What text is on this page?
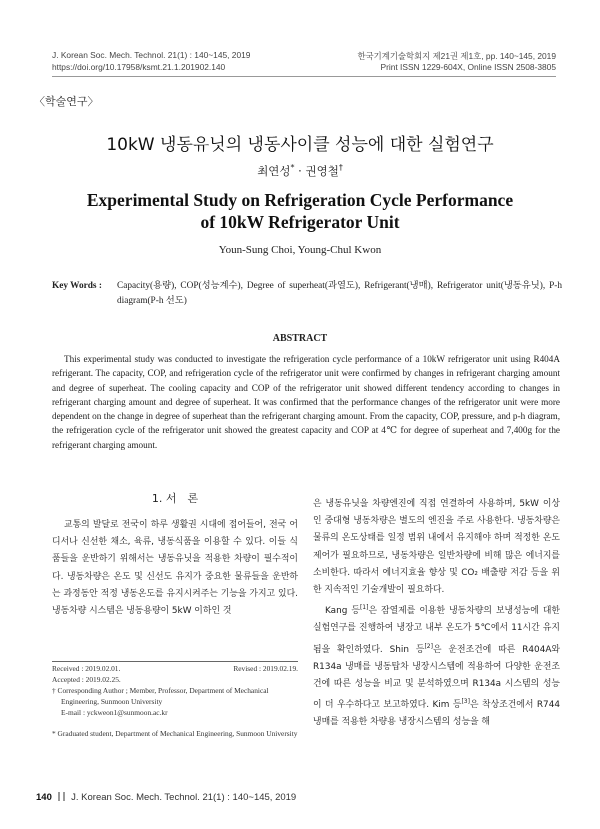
J. Korean Soc. Mech. Technol. 21(1) : 140~145, 2019
https://doi.org/10.17958/ksmt.21.1.201902.140
한국기계기술학회지 제21권 제1호, pp. 140~145, 2019
Print ISSN 1229-604X, Online ISSN 2508-3805
〈학술연구〉
10kW 냉동유닛의 냉동사이클 성능에 대한 실험연구
최연성* · 권영철†
Experimental Study on Refrigeration Cycle Performance
of 10kW Refrigerator Unit
Youn-Sung Choi, Young-Chul Kwon
Key Words : Capacity(용량), COP(성능계수), Degree of superheat(과열도), Refrigerant(냉매), Refrigerator unit(냉동유닛), P-h diagram(P-h 선도)
ABSTRACT
This experimental study was conducted to investigate the refrigeration cycle performance of a 10kW refrigerator unit using R404A refrigerant. The capacity, COP, and refrigeration cycle of the refrigerator unit were confirmed by changes in refrigerant charging amount and degree of superheat. The cooling capacity and COP of the refrigerator unit showed different tendency according to changes in refrigerant charging amount and degree of superheat. It was confirmed that the performance changes of the refrigerator unit were more dependent on the change in degree of superheat than the refrigerant charging amount. From the capacity, COP, pressure, and p-h diagram, the refrigeration cycle of the refrigerator unit showed the greatest capacity and COP at 4℃ for degree of superheat and 7,400g for the refrigerant charging amount.
1. 서　론

교통의 발달로 전국이 하루 생활권 시대에 접어들어, 전국 어디서나 신선한 채소, 육류, 냉동식품을 이용할 수 있다. 이들 식품들을 운반하기 위해서는 냉동유닛을 적용한 차량이 필수적이다. 냉동차량은 온도 및 신선도 유지가 중요한 물류들을 운반하는 과정동안 적정 냉동온도를 유지시켜주는 기능을 가지고 있다. 냉동차량 시스템은 냉동용량이 5kW 이하인 것

은 냉동유닛을 차량엔진에 직접 연결하여 사용하며, 5kW 이상인 중대형 냉동차량은 별도의 엔진을 주로 사용한다. 냉동차량은 물류의 온도상태를 일정 범위 내에서 유지해야 하며 적정한 온도제어가 필요하므로, 냉동차량은 일반차량에 비해 많은 에너지를 소비한다. 따라서 에너지효율 향상 및 CO₂ 배출량 저감 등을 위한 지속적인 기술개발이 필요하다.

Kang 등[1]은 잠열제를 이용한 냉동차량의 보냉성능에 대한 실험연구를 진행하여 냉장고 내부 온도가 5℃에서 11시간 유지됨을 확인하였다. Shin 등[2]은 운전조건에 따른 R404A와 R134a 냉매를 냉동탑차 냉장시스템에 적용하여 다양한 운전조건에 따른 성능을 비교 및 분석하였으며 R134a 시스템의 성능이 더 우수하다고 보고하였다. Kim 등[3]은 착상조건에서 R744 냉매를 적용한 차량용 냉장시스템의 성능을 해

Received : 2019.02.01.	Revised : 2019.02.19.
Accepted : 2019.02.25.
† Corresponding Author ; Member, Professor, Department of Mechanical Engineering, Sunmoon University
E-mail : yckweon1@sunmoon.ac.kr
* Graduated student, Department of Mechanical Engineering, Sunmoon University
140 J. Korean Soc. Mech. Technol. 21(1) : 140~145, 2019
